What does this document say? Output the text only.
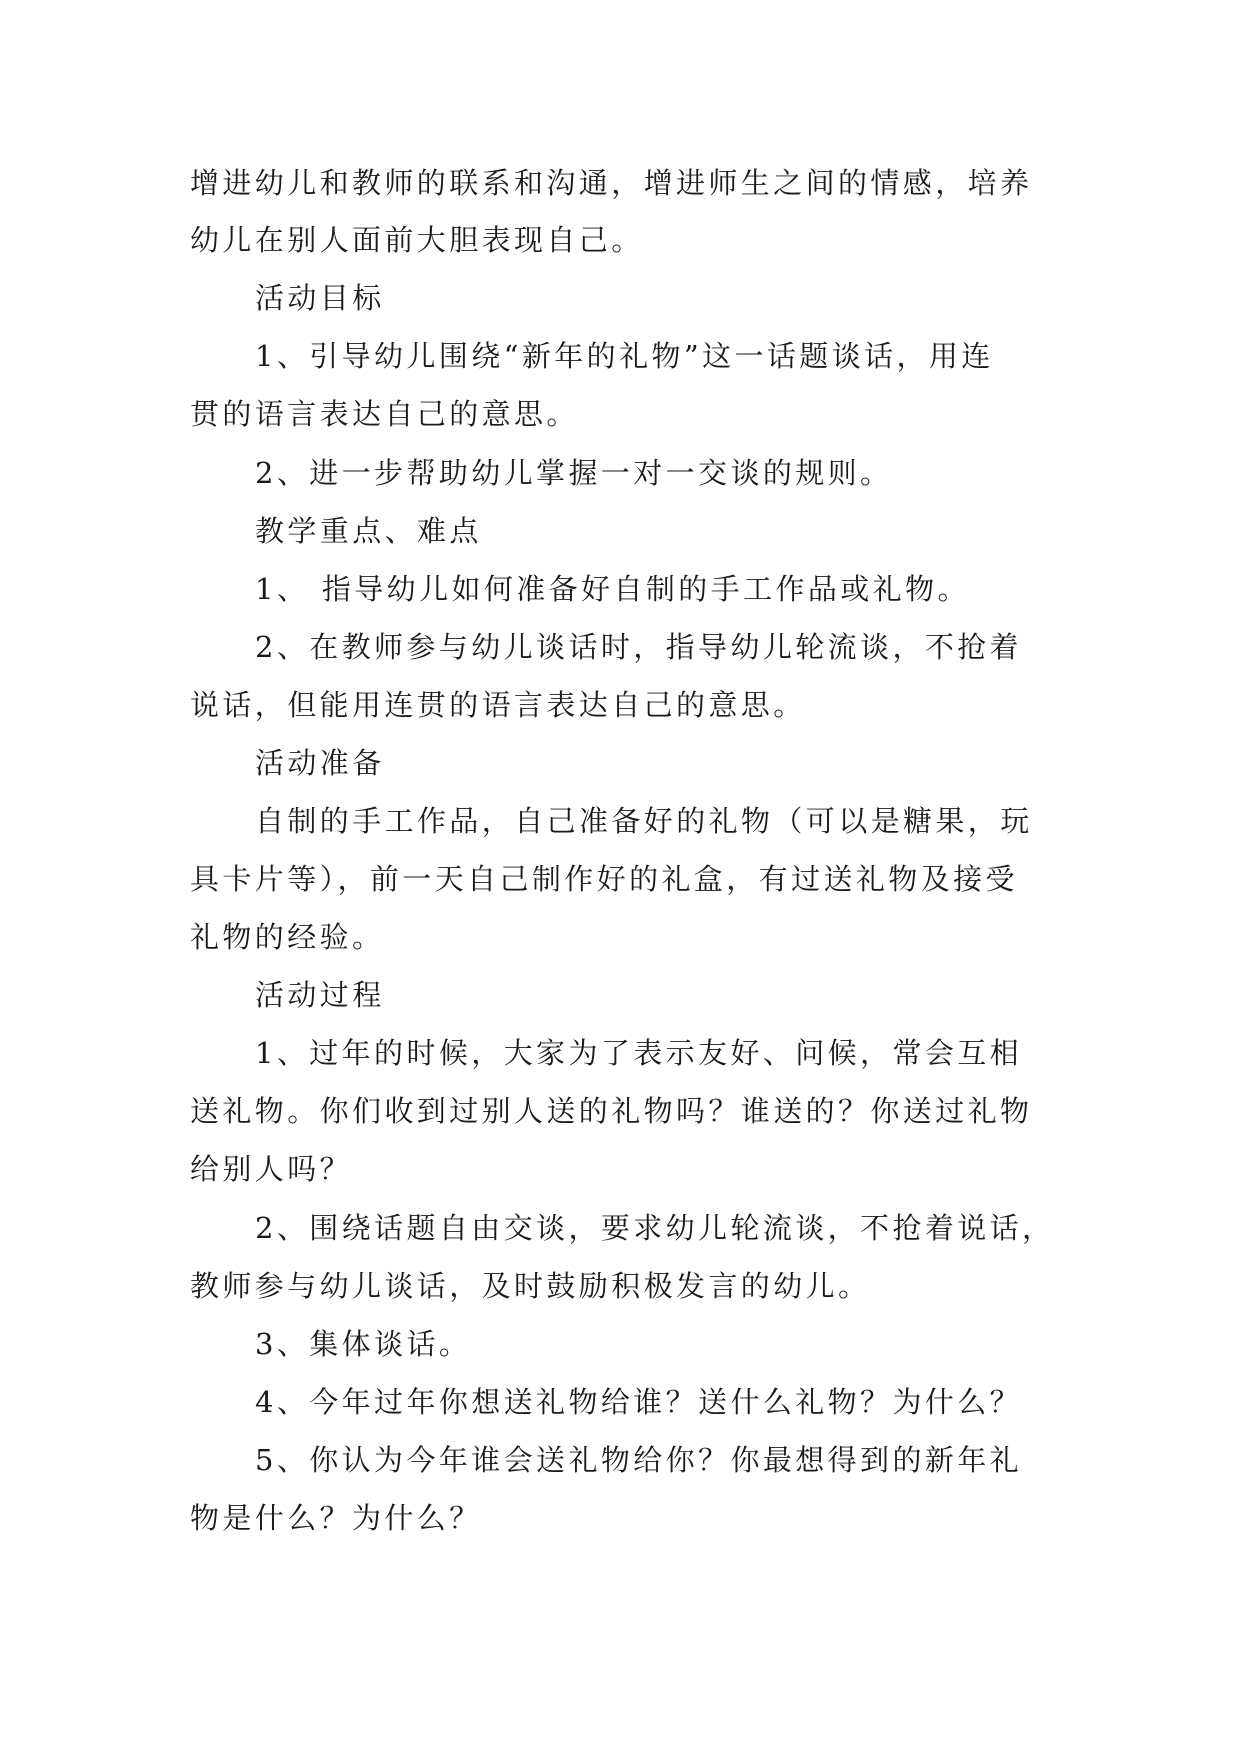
增进幼儿和教师的联系和沟通，增进师生之间的情感，培养

幼儿在别人面前大胆表现自己。

活动目标

1、引导幼儿围绕“新年的礼物”这一话题谈话，用连

贯的语言表达自己的意思。

2、进一步帮助幼儿掌握一对一交谈的规则。

教学重点、难点

1、 指导幼儿如何准备好自制的手工作品或礼物。

2、在教师参与幼儿谈话时，指导幼儿轮流谈，不抢着

说话，但能用连贯的语言表达自己的意思。

活动准备

自制的手工作品，自己准备好的礼物（可以是糖果，玩

具卡片等），前一天自己制作好的礼盒，有过送礼物及接受

礼物的经验。

活动过程

1、过年的时候，大家为了表示友好、问候，常会互相

送礼物。你们收到过别人送的礼物吗？谁送的？你送过礼物

给别人吗？

2、围绕话题自由交谈，要求幼儿轮流谈，不抢着说话，

教师参与幼儿谈话，及时鼓励积极发言的幼儿。

3、集体谈话。

4、今年过年你想送礼物给谁？送什么礼物？为什么？

5、你认为今年谁会送礼物给你？你最想得到的新年礼

物是什么？为什么？
